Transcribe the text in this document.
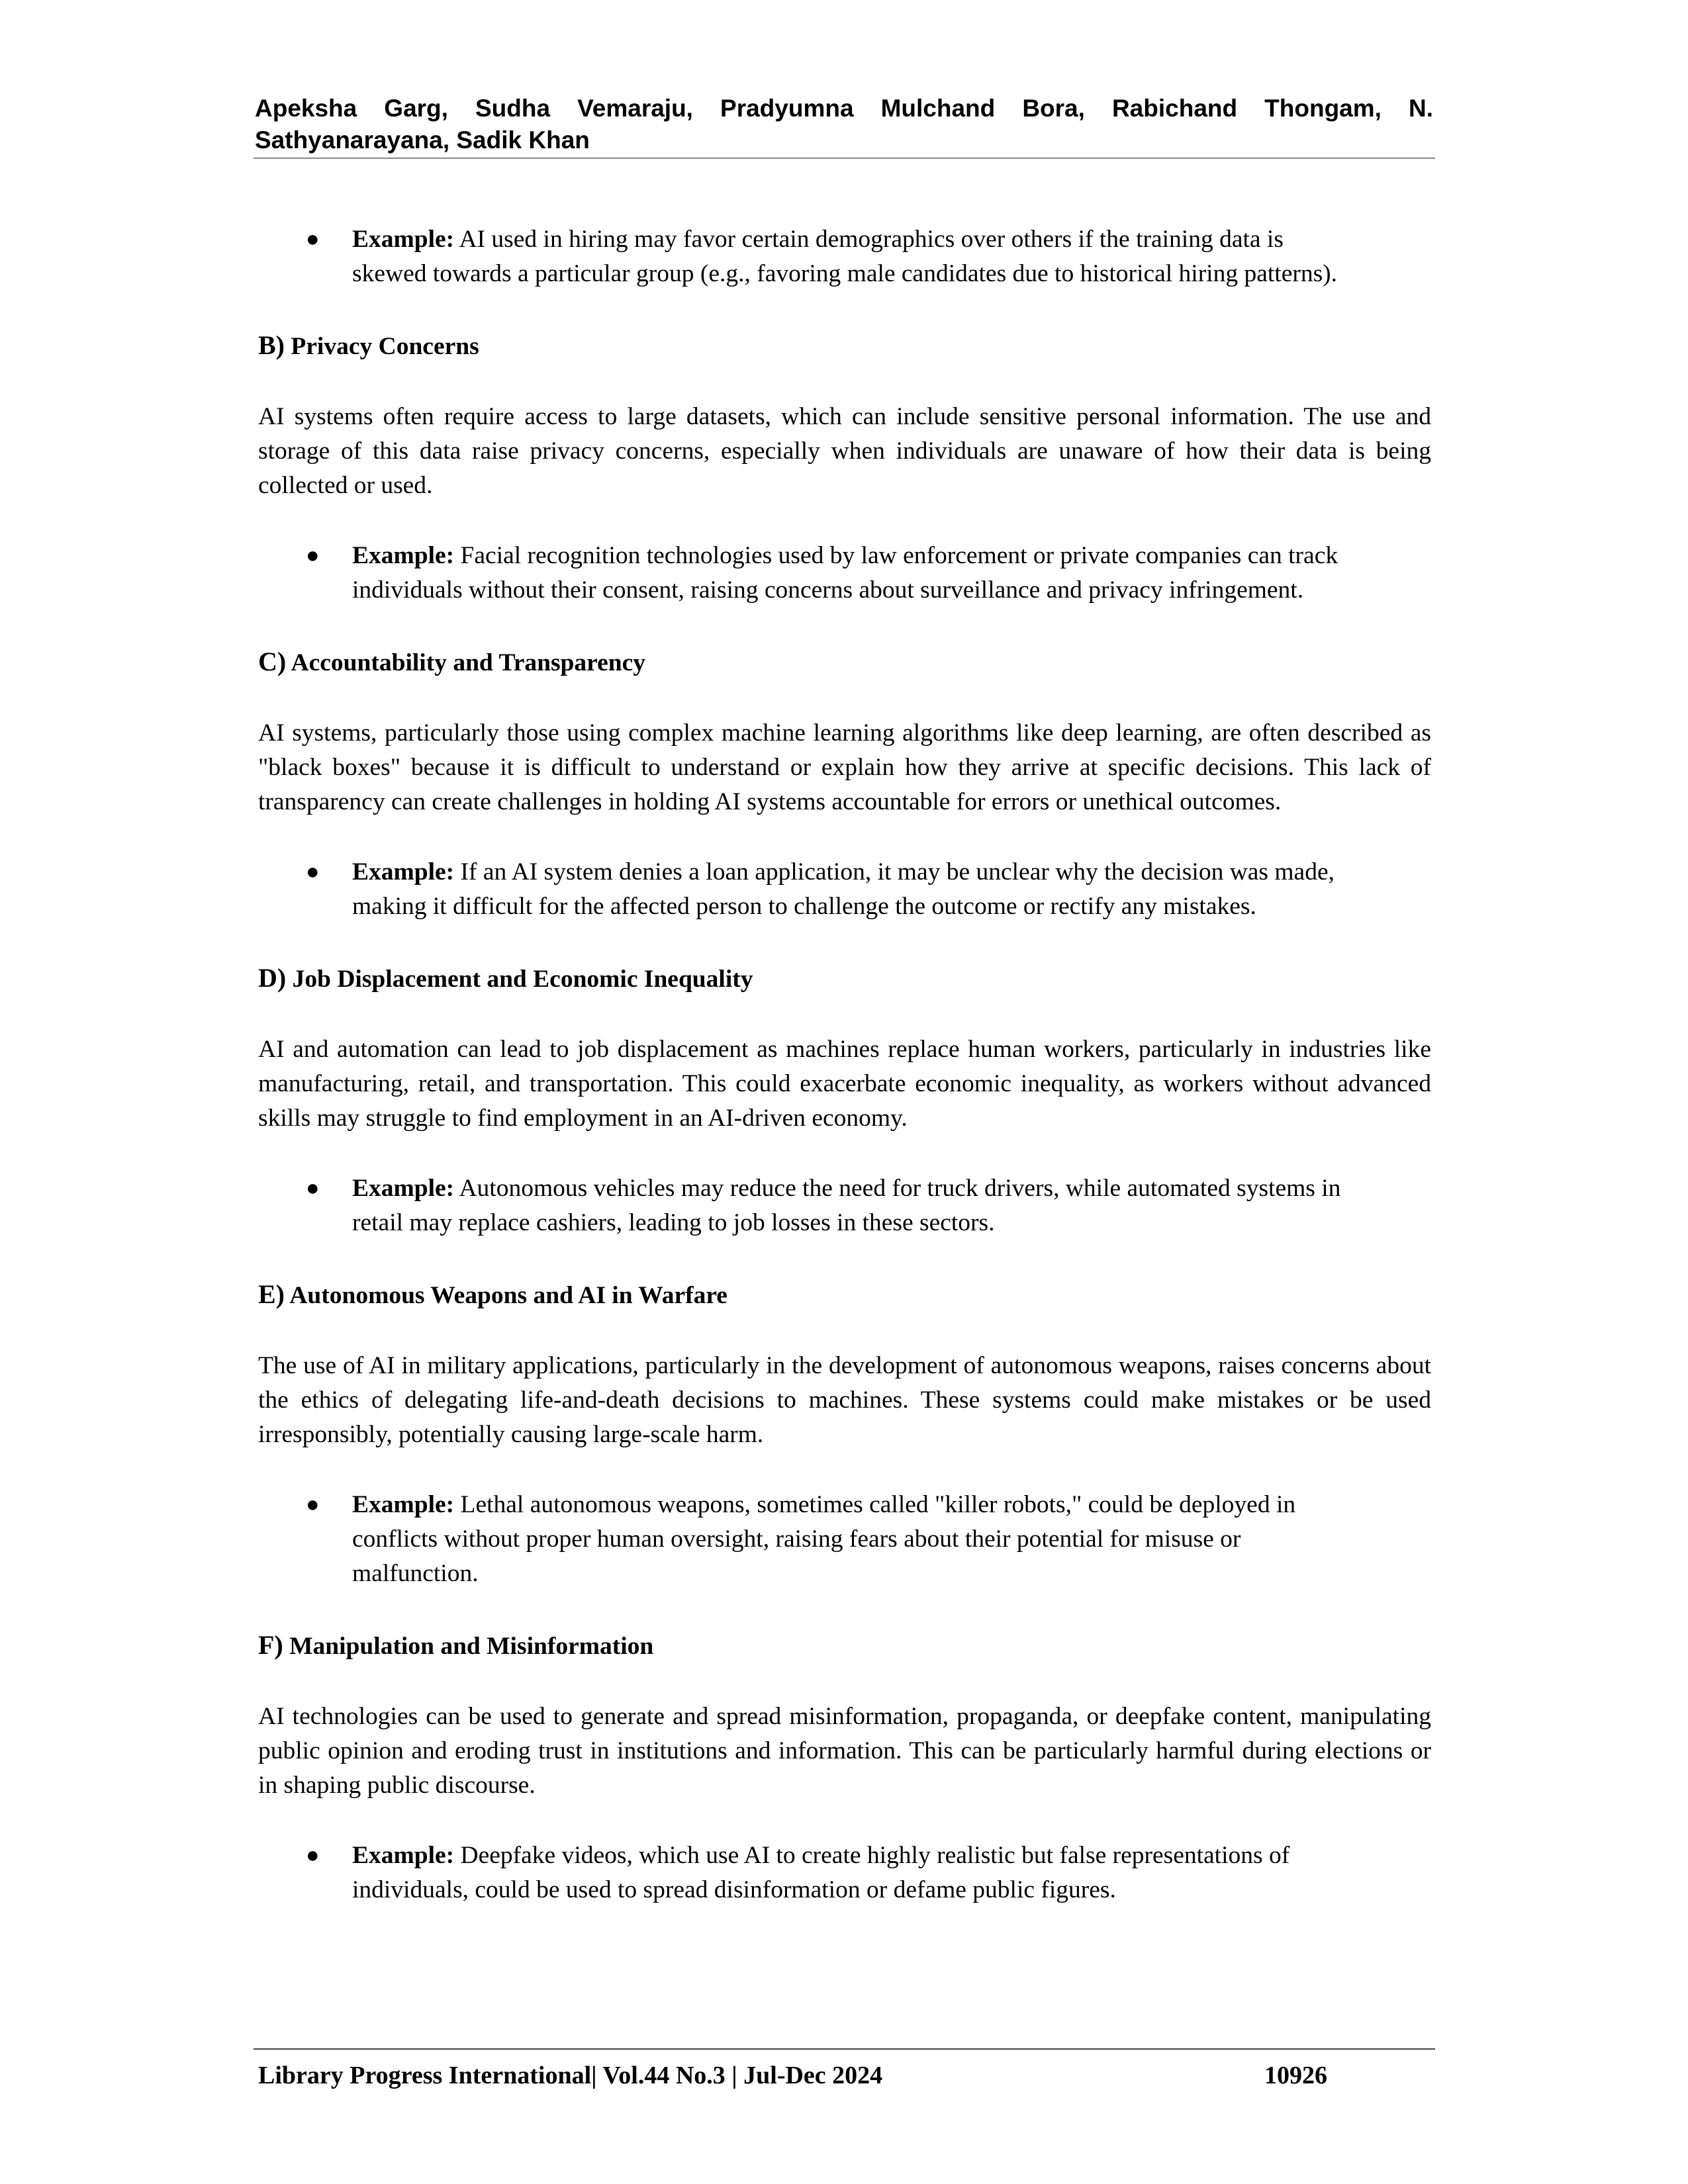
Apeksha Garg, Sudha Vemaraju, Pradyumna Mulchand Bora, Rabichand Thongam, N. Sathyanarayana, Sadik Khan
● Example: AI used in hiring may favor certain demographics over others if the training data is skewed towards a particular group (e.g., favoring male candidates due to historical hiring patterns).
B) Privacy Concerns

AI systems often require access to large datasets, which can include sensitive personal information. The use and storage of this data raise privacy concerns, especially when individuals are unaware of how their data is being collected or used.

● Example: Facial recognition technologies used by law enforcement or private companies can track individuals without their consent, raising concerns about surveillance and privacy infringement.
C) Accountability and Transparency

AI systems, particularly those using complex machine learning algorithms like deep learning, are often described as "black boxes" because it is difficult to understand or explain how they arrive at specific decisions. This lack of transparency can create challenges in holding AI systems accountable for errors or unethical outcomes.

● Example: If an AI system denies a loan application, it may be unclear why the decision was made, making it difficult for the affected person to challenge the outcome or rectify any mistakes.
D) Job Displacement and Economic Inequality

AI and automation can lead to job displacement as machines replace human workers, particularly in industries like manufacturing, retail, and transportation. This could exacerbate economic inequality, as workers without advanced skills may struggle to find employment in an AI-driven economy.

● Example: Autonomous vehicles may reduce the need for truck drivers, while automated systems in retail may replace cashiers, leading to job losses in these sectors.
E) Autonomous Weapons and AI in Warfare

The use of AI in military applications, particularly in the development of autonomous weapons, raises concerns about the ethics of delegating life-and-death decisions to machines. These systems could make mistakes or be used irresponsibly, potentially causing large-scale harm.

● Example: Lethal autonomous weapons, sometimes called "killer robots," could be deployed in conflicts without proper human oversight, raising fears about their potential for misuse or malfunction.
F) Manipulation and Misinformation

AI technologies can be used to generate and spread misinformation, propaganda, or deepfake content, manipulating public opinion and eroding trust in institutions and information. This can be particularly harmful during elections or in shaping public discourse.

● Example: Deepfake videos, which use AI to create highly realistic but false representations of individuals, could be used to spread disinformation or defame public figures.
Library Progress International| Vol.44 No.3 | Jul-Dec 2024	10926
